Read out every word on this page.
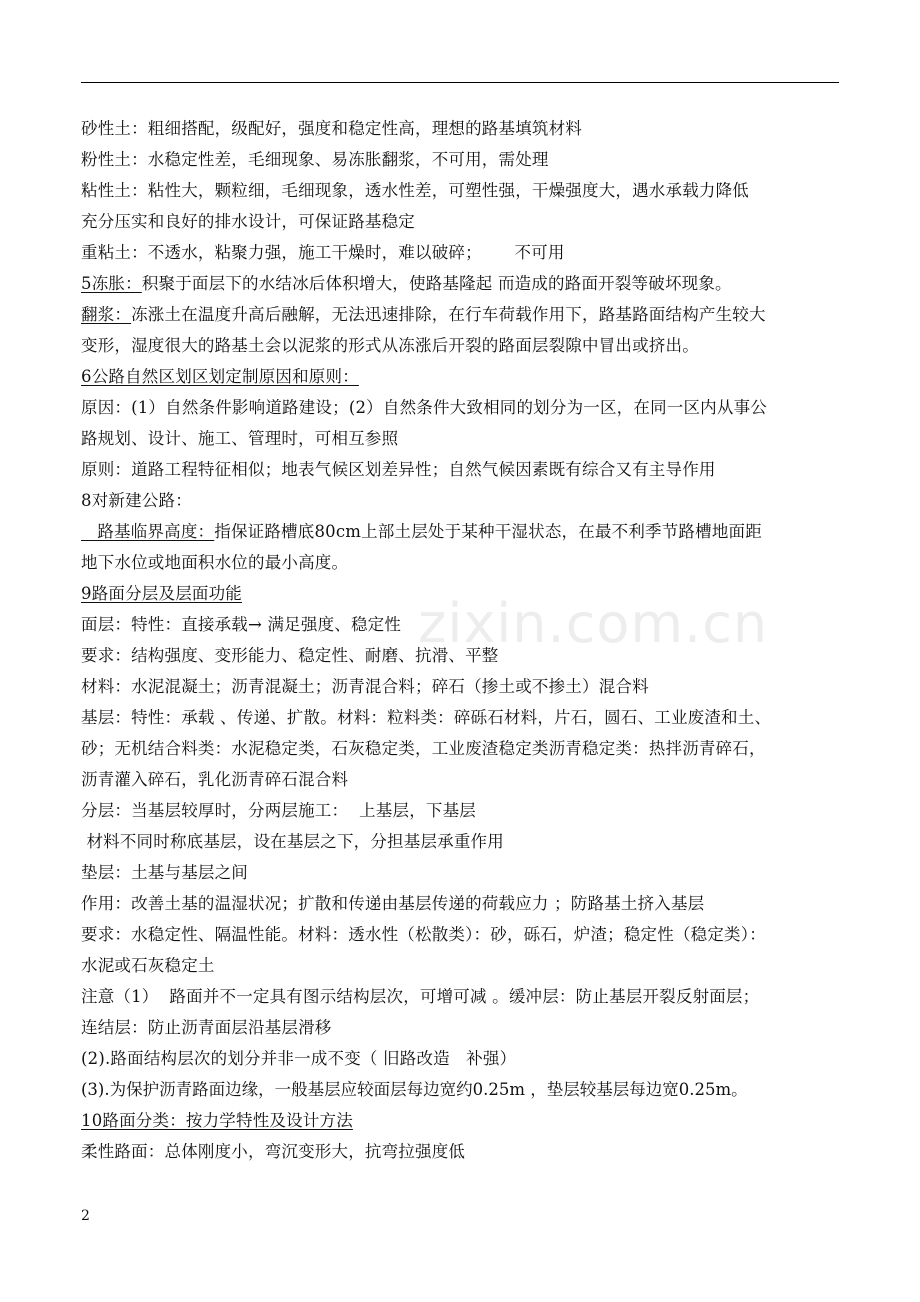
zixin.com.cn
砂性土：粗细搭配，级配好，强度和稳定性高，理想的路基填筑材料
粉性土：水稳定性差，毛细现象、易冻胀翻浆，不可用，需处理
粘性土：粘性大，颗粒细，毛细现象，透水性差，可塑性强，干燥强度大，遇水承载力降低
充分压实和良好的排水设计，可保证路基稳定
重粘土：不透水，粘聚力强，施工干燥时，难以破碎；      不可用
5冻胀：积聚于面层下的水结冰后体积增大，使路基隆起 而造成的路面开裂等破坏现象。
翻浆：冻涨土在温度升高后融解，无法迅速排除，在行车荷载作用下，路基路面结构产生较大
变形，湿度很大的路基土会以泥浆的形式从冻涨后开裂的路面层裂隙中冒出或挤出。
6公路自然区划区划定制原因和原则：
原因：(1）自然条件影响道路建设；(2）自然条件大致相同的划分为一区，在同一区内从事公
路规划、设计、施工、管理时，可相互参照
原则：道路工程特征相似；地表气候区划差异性；自然气候因素既有综合又有主导作用
8对新建公路：
路基临界高度：指保证路槽底80cm上部土层处于某种干湿状态，在最不利季节路槽地面距
地下水位或地面积水位的最小高度。
9路面分层及层面功能
面层：特性：直接承载→ 满足强度、稳定性
要求：结构强度、变形能力、稳定性、耐磨、抗滑、平整
材料：水泥混凝土；沥青混凝土；沥青混合料；碎石（掺土或不掺土）混合料
基层：特性：承载 、传递、扩散。材料：粒料类：碎砾石材料，片石，圆石、工业废渣和土、
砂；无机结合料类：水泥稳定类，石灰稳定类，工业废渣稳定类沥青稳定类：热拌沥青碎石，
沥青灌入碎石，乳化沥青碎石混合料
分层：当基层较厚时，分两层施工：  上基层，下基层
材料不同时称底基层，设在基层之下，分担基层承重作用
垫层：土基与基层之间
作用：改善土基的温湿状况；扩散和传递由基层传递的荷载应力 ；防路基土挤入基层
要求：水稳定性、隔温性能。材料：透水性（松散类）：砂，砾石，炉渣；稳定性（稳定类）：
水泥或石灰稳定土
注意（1）  路面并不一定具有图示结构层次，可增可减 。缓冲层：防止基层开裂反射面层；
连结层：防止沥青面层沿基层滑移
(2).路面结构层次的划分并非一成不变（ 旧路改造   补强）
(3).为保护沥青路面边缘，一般基层应较面层每边宽约0.25m ，垫层较基层每边宽0.25m。
10路面分类：按力学特性及设计方法
柔性路面：总体刚度小，弯沉变形大，抗弯拉强度低
2
